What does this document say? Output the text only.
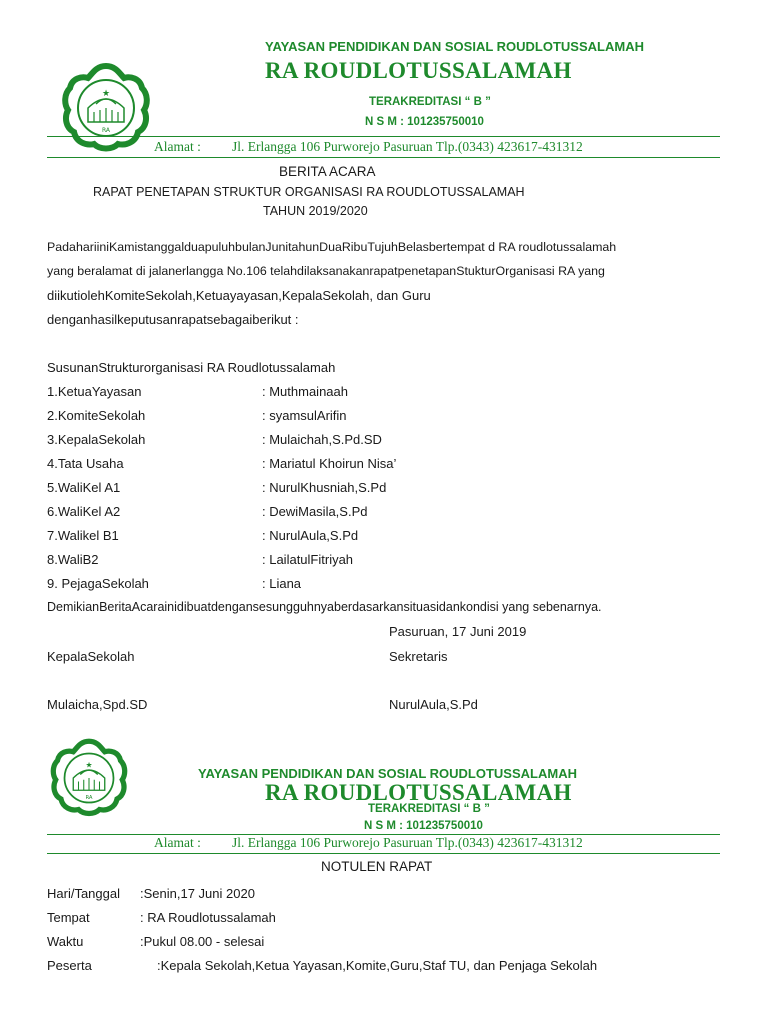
★
RA
YAYASAN PENDIDIKAN DAN SOSIAL ROUDLOTUSSALAMAH
RA ROUDLOTUSSALAMAH
TERAKREDITASI “ B ”
N S M : 101235750010
Alamat : Jl. Erlangga 106 Purworejo Pasuruan Tlp.(0343) 423617-431312
BERITA ACARA
RAPAT PENETAPAN STRUKTUR ORGANISASI RA ROUDLOTUSSALAMAH
TAHUN 2019/2020
PadahariiniKamistanggalduapuluhbulanJunitahunDuaRibuTujuhBelasbertempat d RA roudlotussalamah
yang beralamat di jalanerlangga No.106 telahdilaksanakanrapatpenetapanStukturOrganisasi RA yang
diikutiolehKomiteSekolah,Ketuayayasan,KepalaSekolah, dan Guru
denganhasilkeputusanrapatsebagaiberikut :
SusunanStrukturorganisasi RA Roudlotussalamah
1.KetuaYayasan	: Muthmainaah
2.KomiteSekolah	: syamsulArifin
3.KepalaSekolah	: Mulaichah,S.Pd.SD
4.Tata Usaha	: Mariatul Khoirun Nisa’
5.WaliKel A1	: NurulKhusniah,S.Pd
6.WaliKel A2	: DewiMasila,S.Pd
7.Walikel B1	: NurulAula,S.Pd
8.WaliB2	: LailatulFitriyah
9. PejagaSekolah	: Liana
DemikianBeritaAcarainidibuatdengansesungguhnyaberdasarkansituasidankondisi yang sebenarnya.
Pasuruan, 17 Juni 2019
KepalaSekolah	Sekretaris
Mulaicha,Spd.SD	NurulAula,S.Pd
★
RA
YAYASAN PENDIDIKAN DAN SOSIAL ROUDLOTUSSALAMAH
RA ROUDLOTUSSALAMAH
TERAKREDITASI “ B ”
N S M : 101235750010
Alamat : Jl. Erlangga 106 Purworejo Pasuruan Tlp.(0343) 423617-431312
NOTULEN RAPAT
Hari/Tanggal :Senin,17 Juni 2020
Tempat	: RA Roudlotussalamah
Waktu	:Pukul 08.00 - selesai
Peserta	:Kepala Sekolah,Ketua Yayasan,Komite,Guru,Staf TU, dan Penjaga Sekolah
